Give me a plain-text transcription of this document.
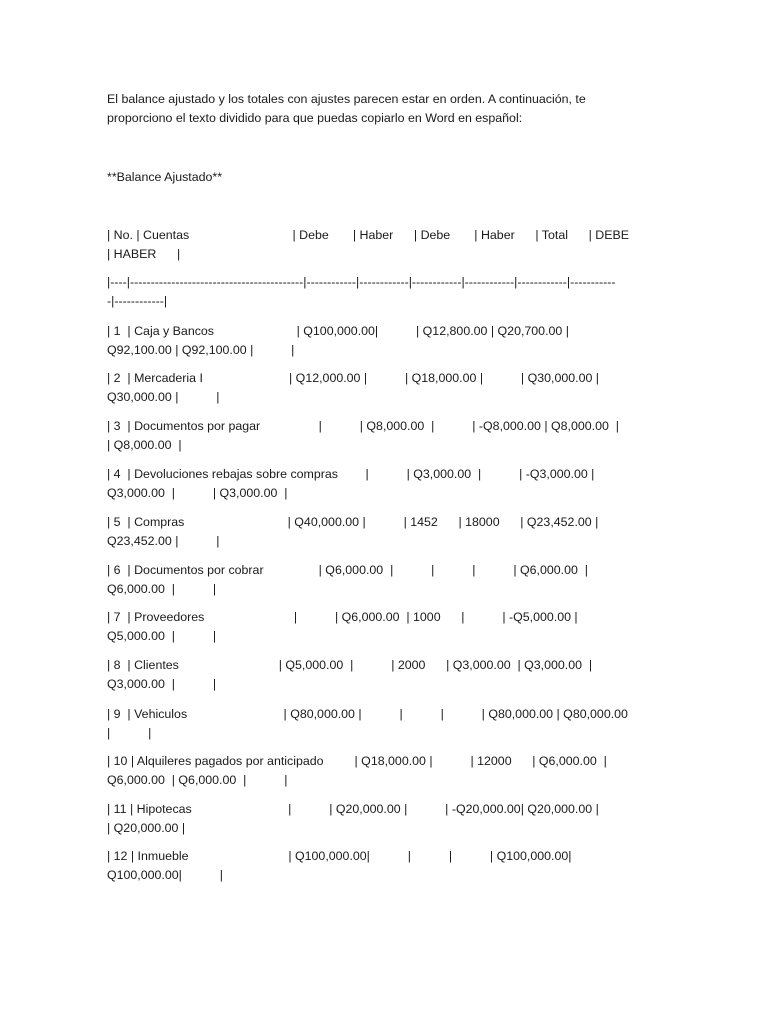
El balance ajustado y los totales con ajustes parecen estar en orden. A continuación, te
proporciono el texto dividido para que puedas copiarlo en Word en español:

**Balance Ajustado**

| No. | Cuentas                              | Debe       | Haber      | Debe       | Haber      | Total      | DEBE
| HABER      |

|----|------------------------------------------|------------|------------|------------|------------|------------|-----------
-|------------|

| 1  | Caja y Bancos                        | Q100,000.00|           | Q12,800.00 | Q20,700.00 |
Q92,100.00 | Q92,100.00 |           |

| 2  | Mercaderia I                         | Q12,000.00 |           | Q18,000.00 |           | Q30,000.00 |
Q30,000.00 |           |

| 3  | Documentos por pagar                 |           | Q8,000.00  |           | -Q8,000.00 | Q8,000.00  |
| Q8,000.00  |

| 4  | Devoluciones rebajas sobre compras        |           | Q3,000.00  |           | -Q3,000.00 |
Q3,000.00  |           | Q3,000.00  |

| 5  | Compras                              | Q40,000.00 |           | 1452      | 18000      | Q23,452.00 |
Q23,452.00 |           |

| 6  | Documentos por cobrar                | Q6,000.00  |           |           |           | Q6,000.00  |
Q6,000.00  |           |

| 7  | Proveedores                          |           | Q6,000.00  | 1000      |           | -Q5,000.00 |
Q5,000.00  |           |

| 8  | Clientes                             | Q5,000.00  |           | 2000      | Q3,000.00  | Q3,000.00  |
Q3,000.00  |           |

| 9  | Vehiculos                            | Q80,000.00 |           |           |           | Q80,000.00 | Q80,000.00
|           |

| 10 | Alquileres pagados por anticipado         | Q18,000.00 |           | 12000      | Q6,000.00  |
Q6,000.00  | Q6,000.00  |           |

| 11 | Hipotecas                            |           | Q20,000.00 |           | -Q20,000.00| Q20,000.00 |
| Q20,000.00 |

| 12 | Inmueble                             | Q100,000.00|           |           |           | Q100,000.00|
Q100,000.00|           |
